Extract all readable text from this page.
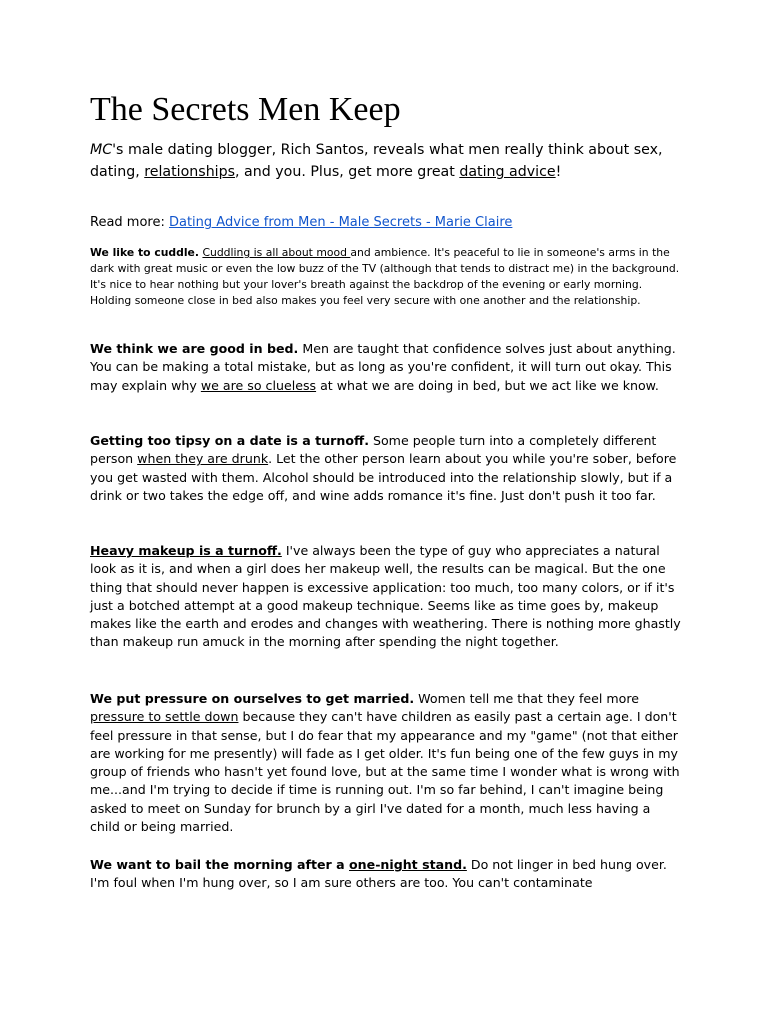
The Secrets Men Keep

MC's male dating blogger, Rich Santos, reveals what men really think about sex, dating, relationships, and you. Plus, get more great dating advice!

Read more: Dating Advice from Men - Male Secrets - Marie Claire

We like to cuddle. Cuddling is all about mood and ambience. It's peaceful to lie in someone's arms in the dark with great music or even the low buzz of the TV (although that tends to distract me) in the background. It's nice to hear nothing but your lover's breath against the backdrop of the evening or early morning. Holding someone close in bed also makes you feel very secure with one another and the relationship.

We think we are good in bed. Men are taught that confidence solves just about anything. You can be making a total mistake, but as long as you're confident, it will turn out okay. This may explain why we are so clueless at what we are doing in bed, but we act like we know.

Getting too tipsy on a date is a turnoff. Some people turn into a completely different person when they are drunk. Let the other person learn about you while you're sober, before you get wasted with them. Alcohol should be introduced into the relationship slowly, but if a drink or two takes the edge off, and wine adds romance it's fine. Just don't push it too far.

Heavy makeup is a turnoff. I've always been the type of guy who appreciates a natural look as it is, and when a girl does her makeup well, the results can be magical. But the one thing that should never happen is excessive application: too much, too many colors, or if it's just a botched attempt at a good makeup technique. Seems like as time goes by, makeup makes like the earth and erodes and changes with weathering. There is nothing more ghastly than makeup run amuck in the morning after spending the night together.

We put pressure on ourselves to get married. Women tell me that they feel more pressure to settle down because they can't have children as easily past a certain age. I don't feel pressure in that sense, but I do fear that my appearance and my "game" (not that either are working for me presently) will fade as I get older. It's fun being one of the few guys in my group of friends who hasn't yet found love, but at the same time I wonder what is wrong with me...and I'm trying to decide if time is running out. I'm so far behind, I can't imagine being asked to meet on Sunday for brunch by a girl I've dated for a month, much less having a child or being married.

We want to bail the morning after a one-night stand. Do not linger in bed hung over. I'm foul when I'm hung over, so I am sure others are too. You can't contaminate
